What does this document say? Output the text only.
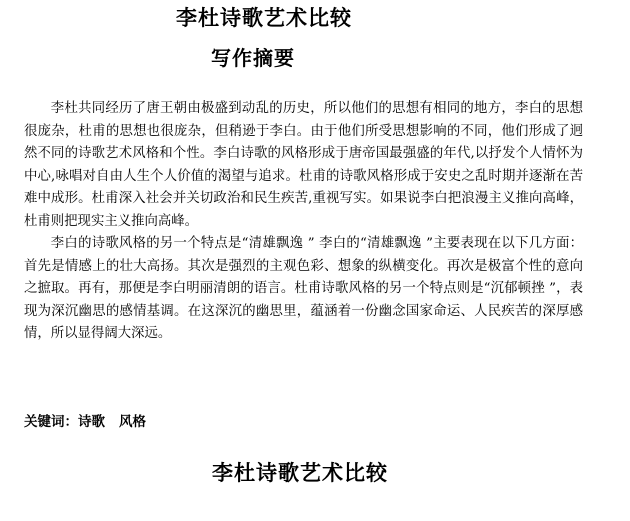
李杜诗歌艺术比较
写作摘要

李杜共同经历了唐王朝由极盛到动乱的历史，所以他们的思想有相同的地方，李白的思想很庞杂，杜甫的思想也很庞杂，但稍逊于李白。由于他们所受思想影响的不同，他们形成了迥然不同的诗歌艺术风格和个性。李白诗歌的风格形成于唐帝国最强盛的年代,以抒发个人情怀为中心,咏唱对自由人生个人价值的渴望与追求。杜甫的诗歌风格形成于安史之乱时期并逐渐在苦难中成形。杜甫深入社会并关切政治和民生疾苦,重视写实。如果说李白把浪漫主义推向高峰，杜甫则把现实主义推向高峰。

李白的诗歌风格的另一个特点是“清雄飘逸 ” 李白的“清雄飘逸 ”主要表现在以下几方面：首先是情感上的壮大高扬。其次是强烈的主观色彩、想象的纵横变化。再次是极富个性的意向之摭取。再有，那便是李白明丽清朗的语言。杜甫诗歌风格的另一个特点则是“沉郁顿挫 ”，表现为深沉幽思的感情基调。在这深沉的幽思里，蕴涵着一份幽念国家命运、人民疾苦的深厚感情，所以显得阔大深远。

关键词：诗歌 风格
李杜诗歌艺术比较
